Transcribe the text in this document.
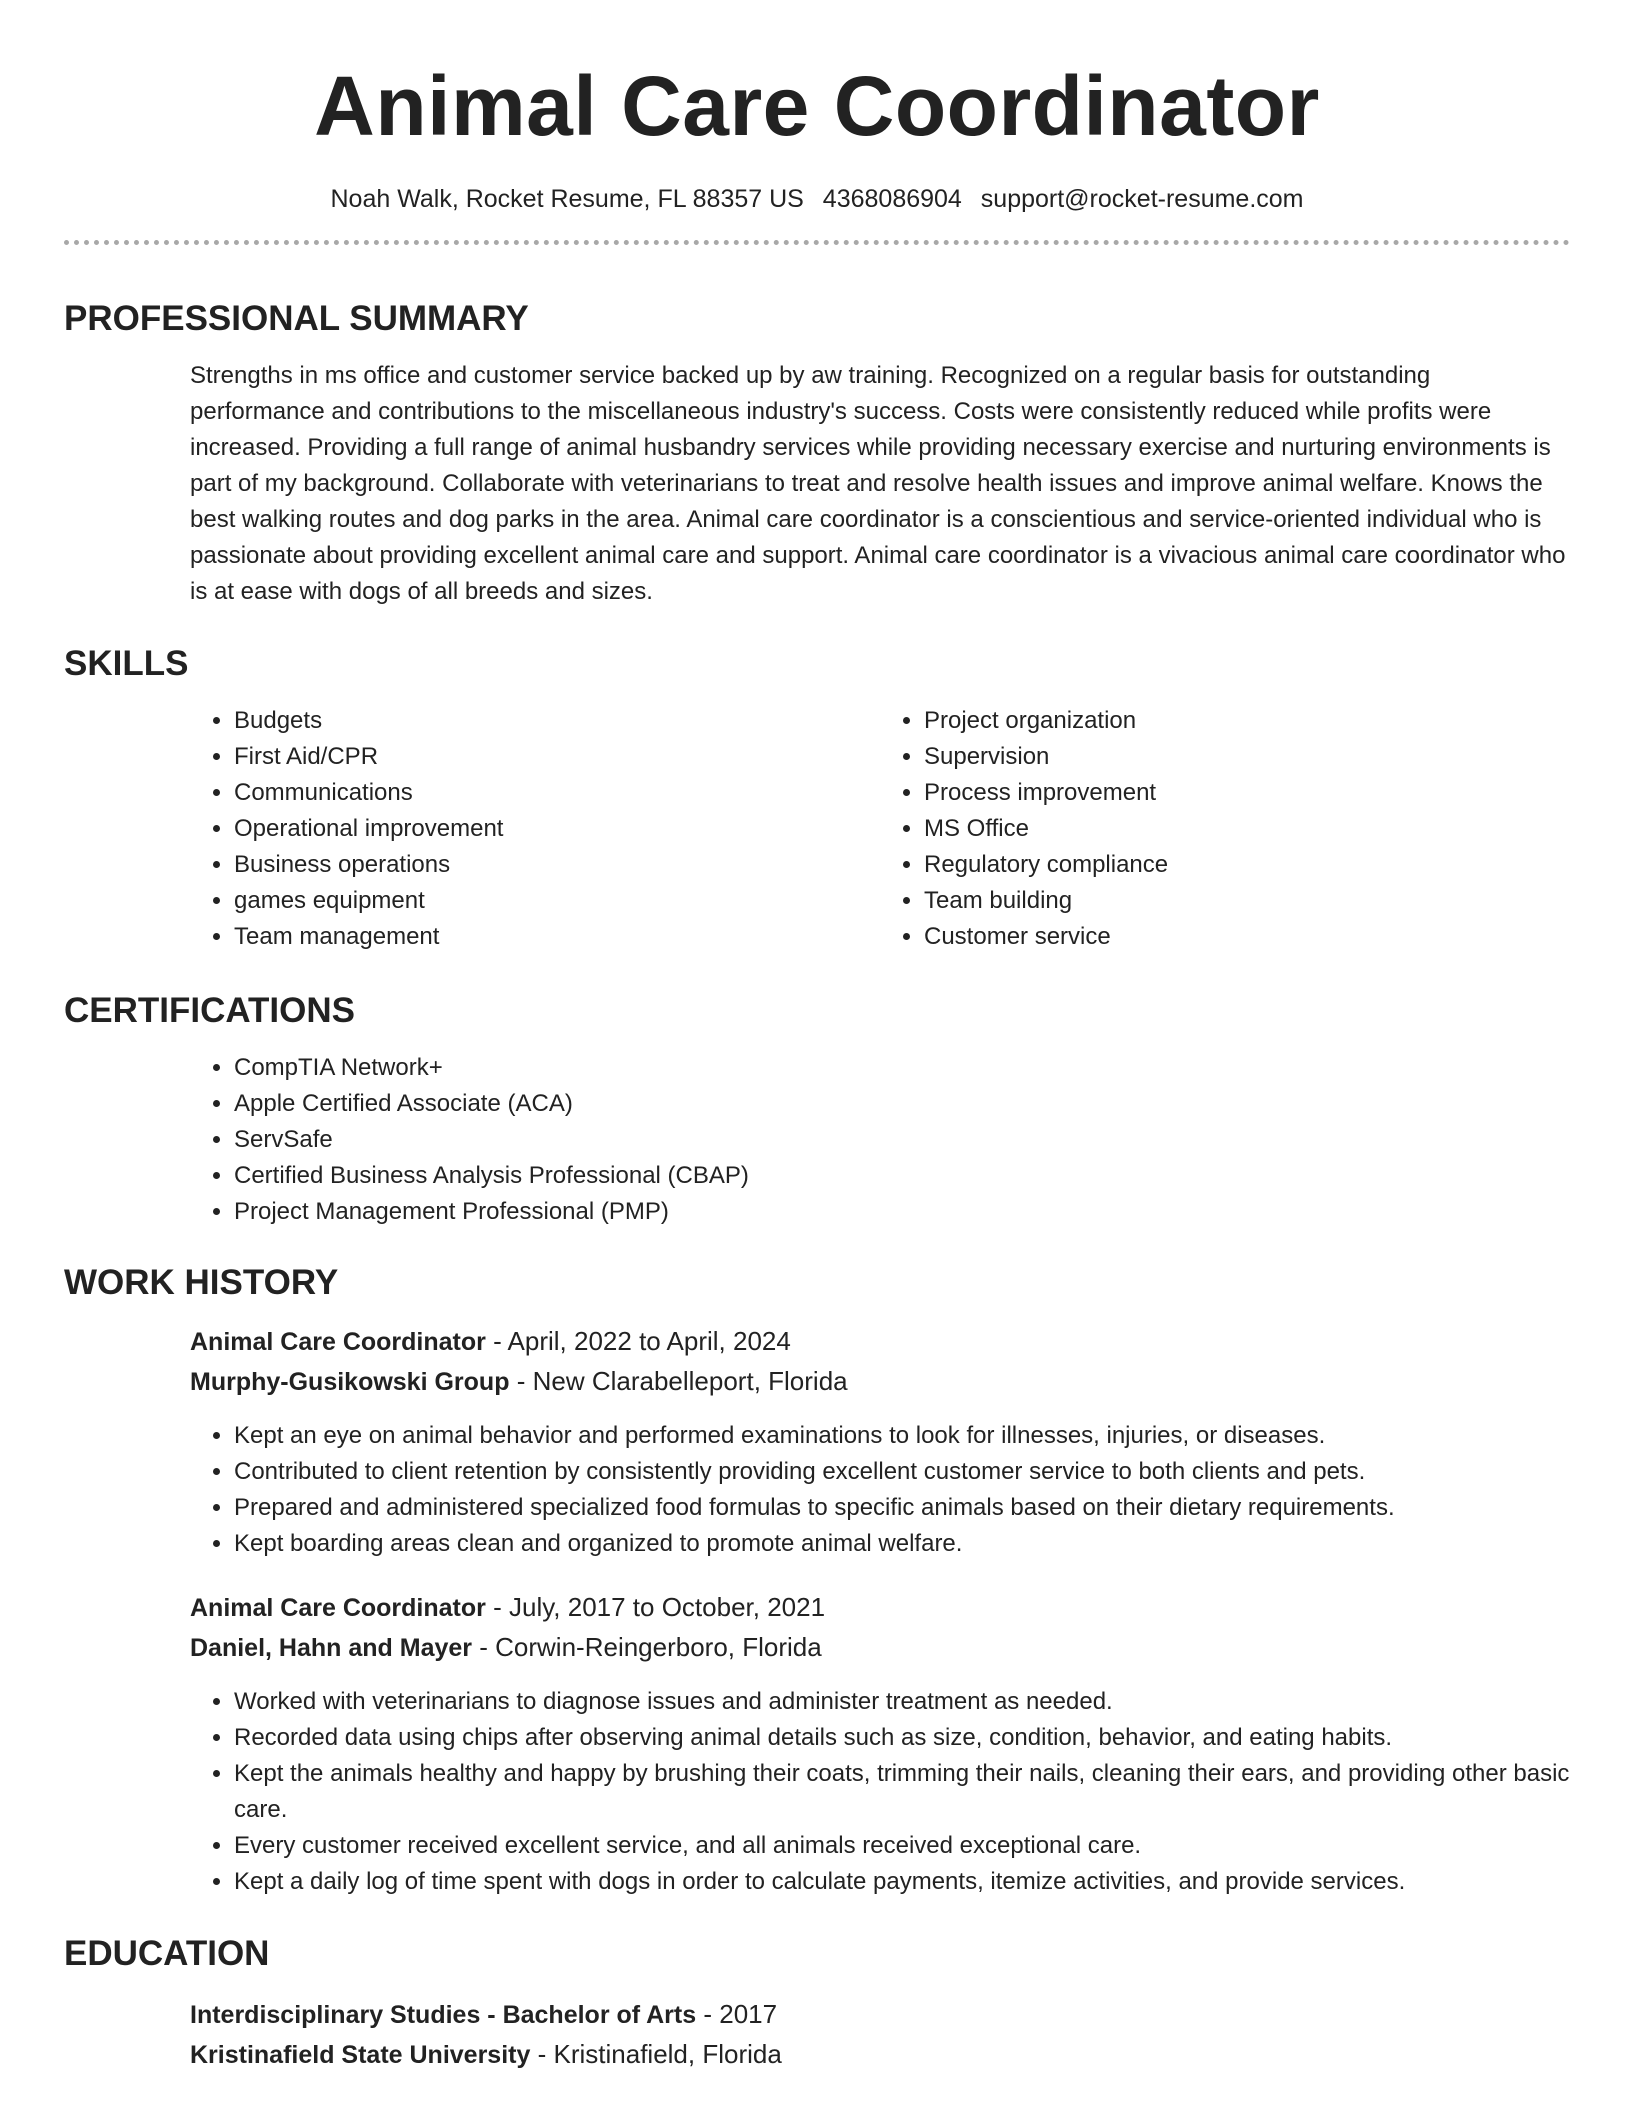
Animal Care Coordinator
Noah Walk, Rocket Resume, FL 88357 US 4368086904 support@rocket-resume.com
PROFESSIONAL SUMMARY

Strengths in ms office and customer service backed up by aw training. Recognized on a regular basis for outstanding performance and contributions to the miscellaneous industry's success. Costs were consistently reduced while profits were increased. Providing a full range of animal husbandry services while providing necessary exercise and nurturing environments is part of my background. Collaborate with veterinarians to treat and resolve health issues and improve animal welfare. Knows the best walking routes and dog parks in the area. Animal care coordinator is a conscientious and service-oriented individual who is passionate about providing excellent animal care and support. Animal care coordinator is a vivacious animal care coordinator who is at ease with dogs of all breeds and sizes.

SKILLS
• Budgets
• First Aid/CPR
• Communications
• Operational improvement
• Business operations
• games equipment
• Team management
• Project organization
• Supervision
• Process improvement
• MS Office
• Regulatory compliance
• Team building
• Customer service
CERTIFICATIONS
• CompTIA Network+
• Apple Certified Associate (ACA)
• ServSafe
• Certified Business Analysis Professional (CBAP)
• Project Management Professional (PMP)
WORK HISTORY

Animal Care Coordinator - April, 2022 to April, 2024

Murphy-Gusikowski Group - New Clarabelleport, Florida

• Kept an eye on animal behavior and performed examinations to look for illnesses, injuries, or diseases.
• Contributed to client retention by consistently providing excellent customer service to both clients and pets.
• Prepared and administered specialized food formulas to specific animals based on their dietary requirements.
• Kept boarding areas clean and organized to promote animal welfare.

Animal Care Coordinator - July, 2017 to October, 2021

Daniel, Hahn and Mayer - Corwin-Reingerboro, Florida

• Worked with veterinarians to diagnose issues and administer treatment as needed.
• Recorded data using chips after observing animal details such as size, condition, behavior, and eating habits.
• Kept the animals healthy and happy by brushing their coats, trimming their nails, cleaning their ears, and providing other basic care.
• Every customer received excellent service, and all animals received exceptional care.
• Kept a daily log of time spent with dogs in order to calculate payments, itemize activities, and provide services.
EDUCATION

Interdisciplinary Studies - Bachelor of Arts - 2017

Kristinafield State University - Kristinafield, Florida
